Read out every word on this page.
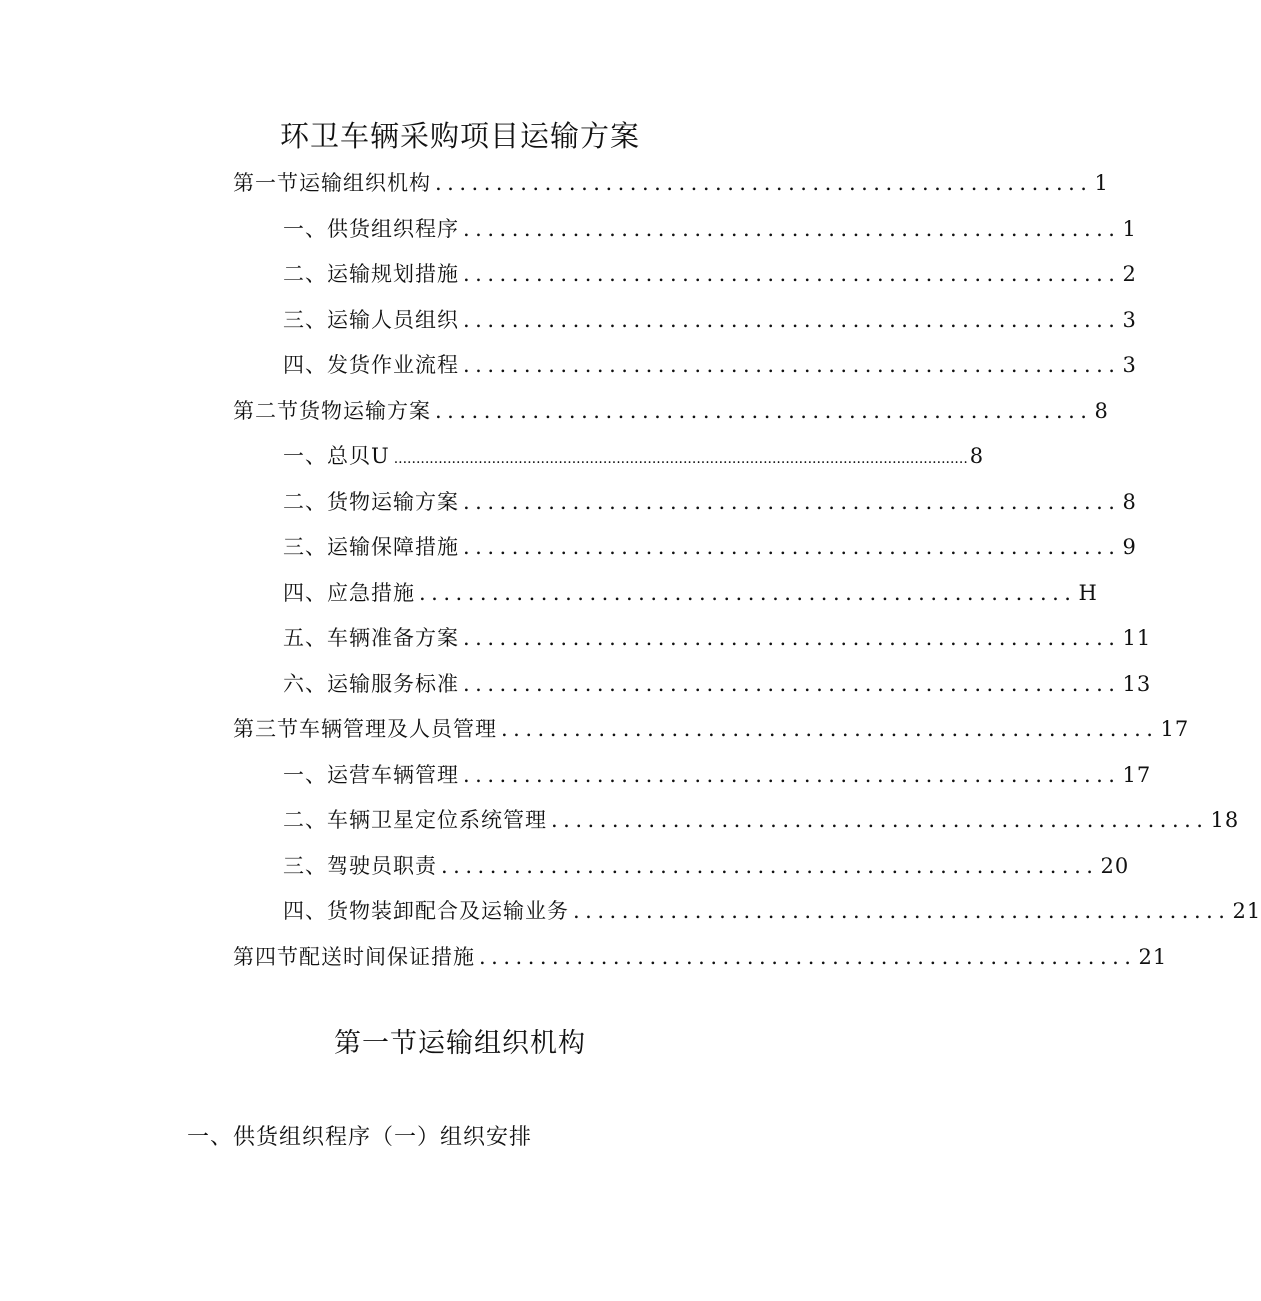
环卫车辆采购项目运输方案
第一节运输组织机构 ...................................................... 1
一、供货组织程序 ...................................................... 1
二、运输规划措施 ...................................................... 2
三、运输人员组织 ...................................................... 3
四、发货作业流程 ...................................................... 3
第二节货物运输方案 ...................................................... 8
一、总贝U ................................................................................................................................. 8
二、货物运输方案 ...................................................... 8
三、运输保障措施 ...................................................... 9
四、应急措施 ...................................................... H
五、车辆准备方案 ...................................................... 11
六、运输服务标准 ...................................................... 13
第三节车辆管理及人员管理 ...................................................... 17
一、运营车辆管理 ...................................................... 17
二、车辆卫星定位系统管理 ...................................................... 18
三、驾驶员职责 ...................................................... 20
四、货物装卸配合及运输业务 ...................................................... 21
第四节配送时间保证措施 ...................................................... 21
第一节运输组织机构
一、供货组织程序（一）组织安排
